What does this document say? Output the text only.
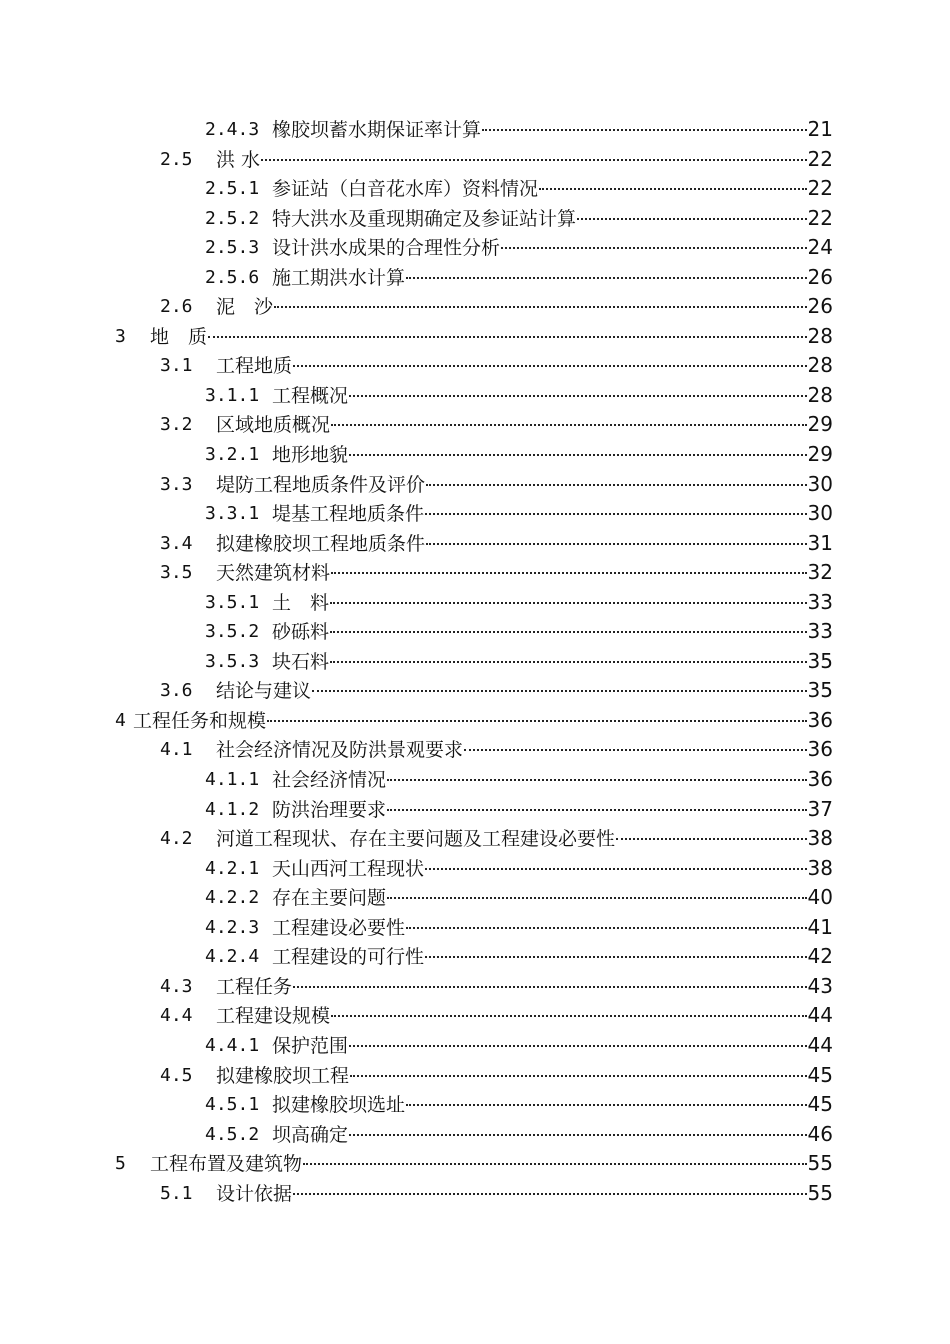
2.4.3 橡胶坝蓄水期保证率计算	21
2.5 洪 水	22
2.5.1 参证站（白音花水库）资料情况	22
2.5.2 特大洪水及重现期确定及参证站计算	22
2.5.3 设计洪水成果的合理性分析	24
2.5.6 施工期洪水计算	26
2.6 泥　沙	26
3 地　质	28
3.1 工程地质	28
3.1.1 工程概况	28
3.2 区域地质概况	29
3.2.1 地形地貌	29
3.3 堤防工程地质条件及评价	30
3.3.1 堤基工程地质条件	30
3.4 拟建橡胶坝工程地质条件	31
3.5 天然建筑材料	32
3.5.1 土　料	33
3.5.2 砂砾料	33
3.5.3 块石料	35
3.6 结论与建议	35
4 工程任务和规模	36
4.1 社会经济情况及防洪景观要求	36
4.1.1 社会经济情况	36
4.1.2 防洪治理要求	37
4.2 河道工程现状、存在主要问题及工程建设必要性	38
4.2.1 天山西河工程现状	38
4.2.2 存在主要问题	40
4.2.3 工程建设必要性	41
4.2.4 工程建设的可行性	42
4.3 工程任务	43
4.4 工程建设规模	44
4.4.1 保护范围	44
4.5 拟建橡胶坝工程	45
4.5.1 拟建橡胶坝选址	45
4.5.2 坝高确定	46
5 工程布置及建筑物	55
5.1 设计依据	55
